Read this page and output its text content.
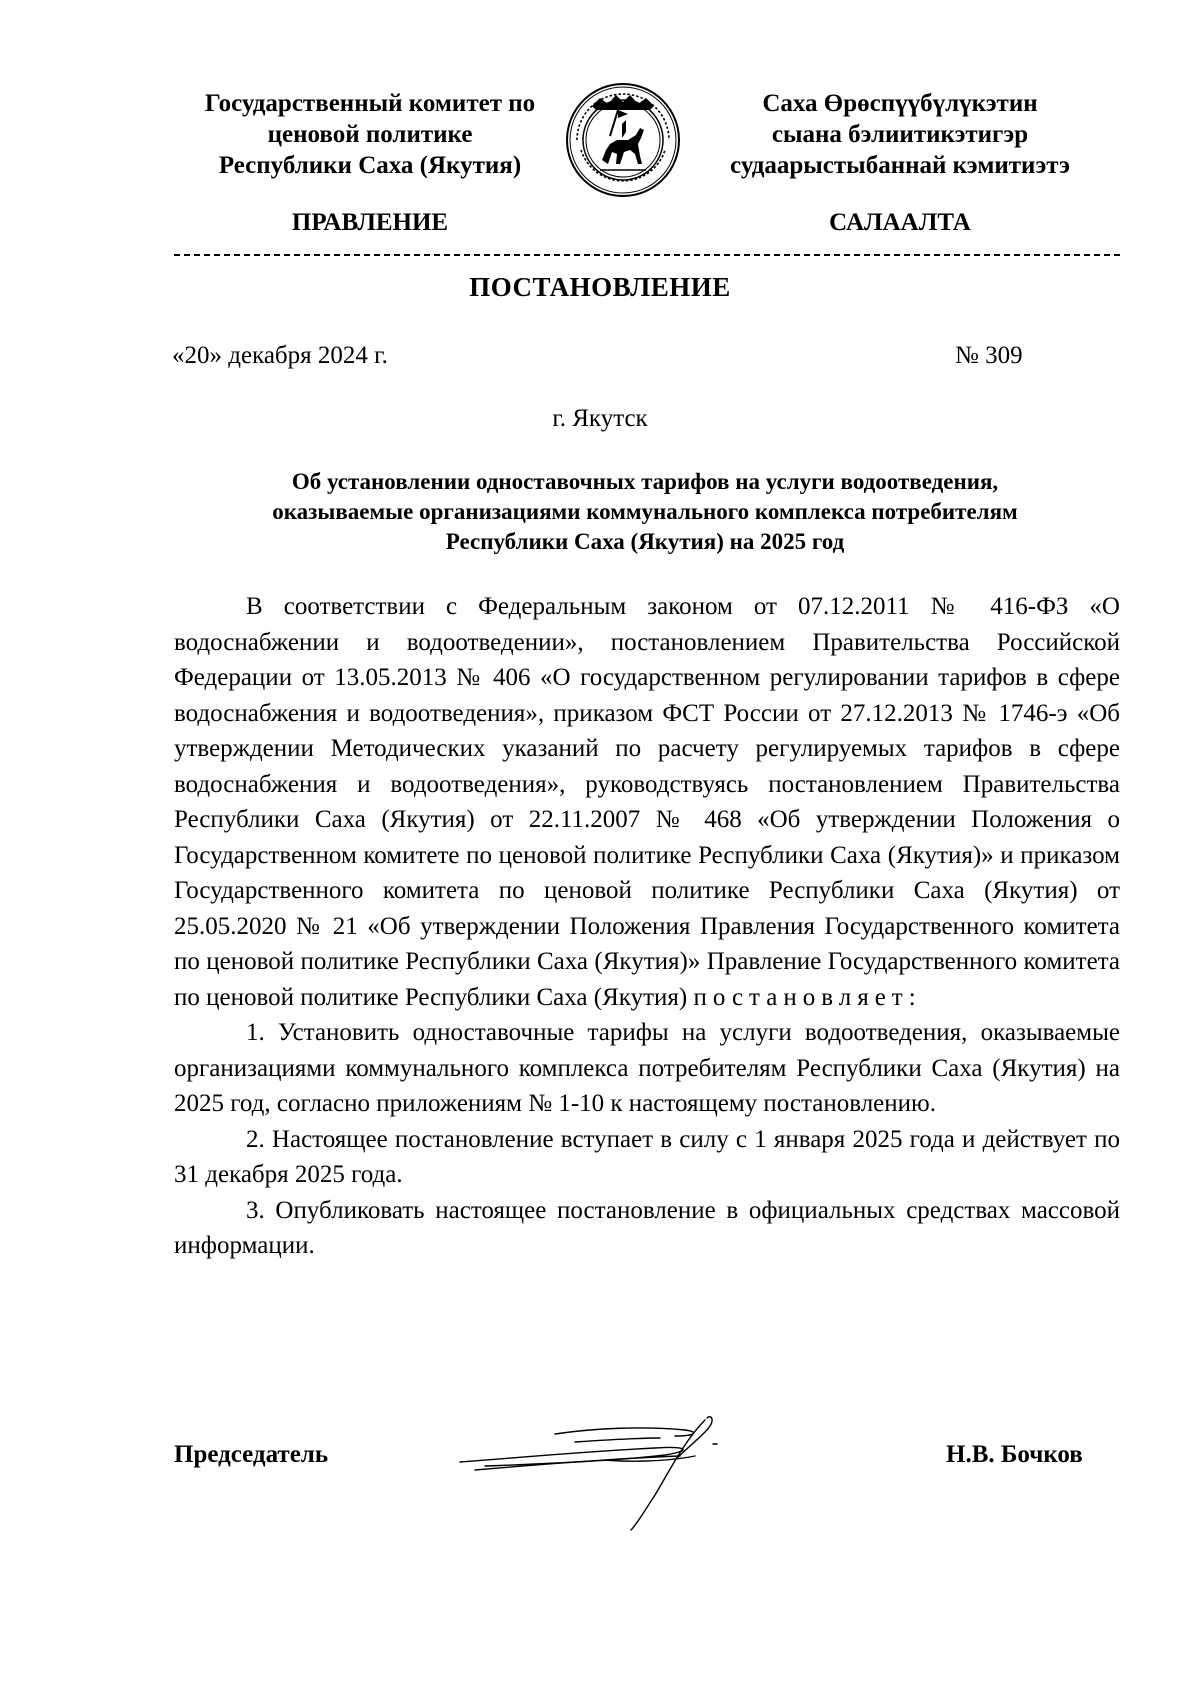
Государственный комитет по
ценовой политике
Республики Саха (Якутия)
Саха Өрөспүүбүлүкэтин
сыана бэлиитикэтигэр
судаарыстыбаннай кэмитиэтэ
ПРАВЛЕНИЕ	САЛААЛТА
ПОСТАНОВЛЕНИЕ
«20» декабря 2024 г.	№ 309
г. Якутск
Об установлении одноставочных тарифов на услуги водоотведения,
оказываемые организациями коммунального комплекса потребителям
Республики Саха (Якутия) на 2025 год

В соответствии с Федеральным законом от 07.12.2011 № 416-ФЗ «О водоснабжении и водоотведении», постановлением Правительства Российской Федерации от 13.05.2013 № 406 «О государственном регулировании тарифов в сфере водоснабжения и водоотведения», приказом ФСТ России от 27.12.2013 № 1746-э «Об утверждении Методических указаний по расчету регулируемых тарифов в сфере водоснабжения и водоотведения», руководствуясь постановлением Правительства Республики Саха (Якутия) от 22.11.2007 № 468 «Об утверждении Положения о Государственном комитете по ценовой политике Республики Саха (Якутия)» и приказом Государственного комитета по ценовой политике Республики Саха (Якутия) от 25.05.2020 № 21 «Об утверждении Положения Правления Государственного комитета по ценовой политике Республики Саха (Якутия)» Правление Государственного комитета по ценовой политике Республики Саха (Якутия) постановляет:

1. Установить одноставочные тарифы на услуги водоотведения, оказываемые организациями коммунального комплекса потребителям Республики Саха (Якутия) на 2025 год, согласно приложениям № 1-10 к настоящему постановлению.

2. Настоящее постановление вступает в силу с 1 января 2025 года и действует по 31 декабря 2025 года.

3. Опубликовать настоящее постановление в официальных средствах массовой информации.

Председатель	Н.В. Бочков
